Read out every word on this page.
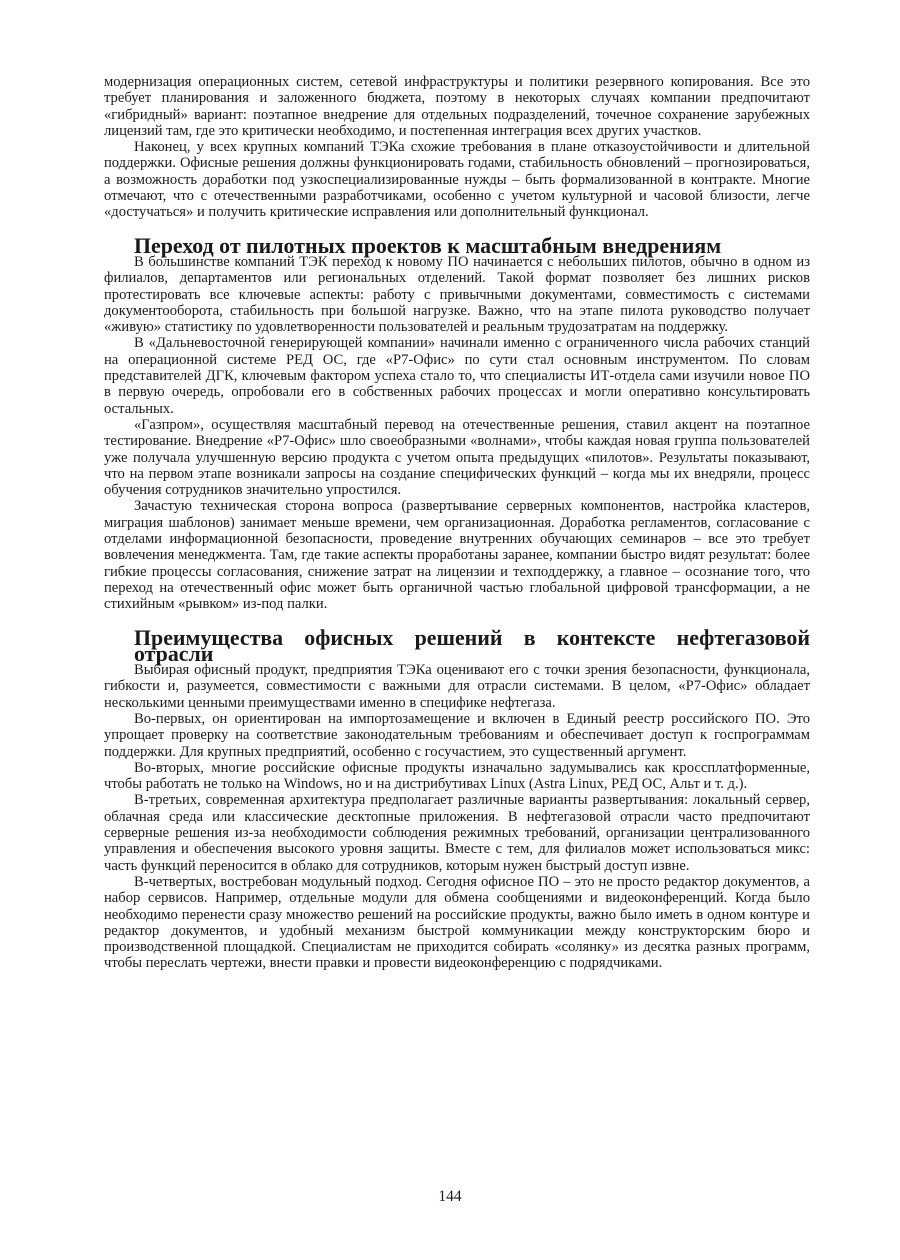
модернизация операционных систем, сетевой инфраструктуры и политики резервного копирования. Все это требует планирования и заложенного бюджета, поэтому в некоторых случаях компании предпочитают «гибридный» вариант: поэтапное внедрение для отдельных подразделений, точечное сохранение зарубежных лицензий там, где это критически необходимо, и постепенная интеграция всех других участков.

Наконец, у всех крупных компаний ТЭКа схожие требования в плане отказоустойчивости и длительной поддержки. Офисные решения должны функционировать годами, стабильность обновлений – прогнозироваться, а возможность доработки под узкоспециализированные нужды – быть формализованной в контракте. Многие отмечают, что с отечественными разработчиками, особенно с учетом культурной и часовой близости, легче «достучаться» и получить критические исправления или дополнительный функционал.

Переход от пилотных проектов к масштабным внедрениям

В большинстве компаний ТЭК переход к новому ПО начинается с небольших пилотов, обычно в одном из филиалов, департаментов или региональных отделений. Такой формат позволяет без лишних рисков протестировать все ключевые аспекты: работу с привычными документами, совместимость с системами документооборота, стабильность при большой нагрузке. Важно, что на этапе пилота руководство получает «живую» статистику по удовлетворенности пользователей и реальным трудозатратам на поддержку.

В «Дальневосточной генерирующей компании» начинали именно с ограниченного числа рабочих станций на операционной системе РЕД ОС, где «Р7-Офис» по сути стал основным инструментом. По словам представителей ДГК, ключевым фактором успеха стало то, что специалисты ИТ-отдела сами изучили новое ПО в первую очередь, опробовали его в собственных рабочих процессах и могли оперативно консультировать остальных.

«Газпром», осуществляя масштабный перевод на отечественные решения, ставил акцент на поэтапное тестирование. Внедрение «Р7-Офис» шло своеобразными «волнами», чтобы каждая новая группа пользователей уже получала улучшенную версию продукта с учетом опыта предыдущих «пилотов». Результаты показывают, что на первом этапе возникали запросы на создание специфических функций – когда мы их внедряли, процесс обучения сотрудников значительно упростился.

Зачастую техническая сторона вопроса (развертывание серверных компонентов, настройка кластеров, миграция шаблонов) занимает меньше времени, чем организационная. Доработка регламентов, согласование с отделами информационной безопасности, проведение внутренних обучающих семинаров – все это требует вовлечения менеджмента. Там, где такие аспекты проработаны заранее, компании быстро видят результат: более гибкие процессы согласования, снижение затрат на лицензии и техподдержку, а главное – осознание того, что переход на отечественный офис может быть органичной частью глобальной цифровой трансформации, а не стихийным «рывком» из-под палки.

Преимущества офисных решений в контексте нефтегазовой отрасли

Выбирая офисный продукт, предприятия ТЭКа оценивают его с точки зрения безопасности, функционала, гибкости и, разумеется, совместимости с важными для отрасли системами. В целом, «Р7-Офис» обладает несколькими ценными преимуществами именно в специфике нефтегаза.

Во-первых, он ориентирован на импортозамещение и включен в Единый реестр российского ПО. Это упрощает проверку на соответствие законодательным требованиям и обеспечивает доступ к госпрограммам поддержки. Для крупных предприятий, особенно с госучастием, это существенный аргумент.

Во-вторых, многие российские офисные продукты изначально задумывались как кроссплатформенные, чтобы работать не только на Windows, но и на дистрибутивах Linux (Astra Linux, РЕД ОС, Альт и т. д.).

В-третьих, современная архитектура предполагает различные варианты развертывания: локальный сервер, облачная среда или классические десктопные приложения. В нефтегазовой отрасли часто предпочитают серверные решения из-за необходимости соблюдения режимных требований, организации централизованного управления и обеспечения высокого уровня защиты. Вместе с тем, для филиалов может использоваться микс: часть функций переносится в облако для сотрудников, которым нужен быстрый доступ извне.

В-четвертых, востребован модульный подход. Сегодня офисное ПО – это не просто редактор документов, а набор сервисов. Например, отдельные модули для обмена сообщениями и видеоконференций. Когда было необходимо перенести сразу множество решений на российские продукты, важно было иметь в одном контуре и редактор документов, и удобный механизм быстрой коммуникации между конструкторским бюро и производственной площадкой. Специалистам не приходится собирать «солянку» из десятка разных программ, чтобы переслать чертежи, внести правки и провести видеоконференцию с подрядчиками.

144
